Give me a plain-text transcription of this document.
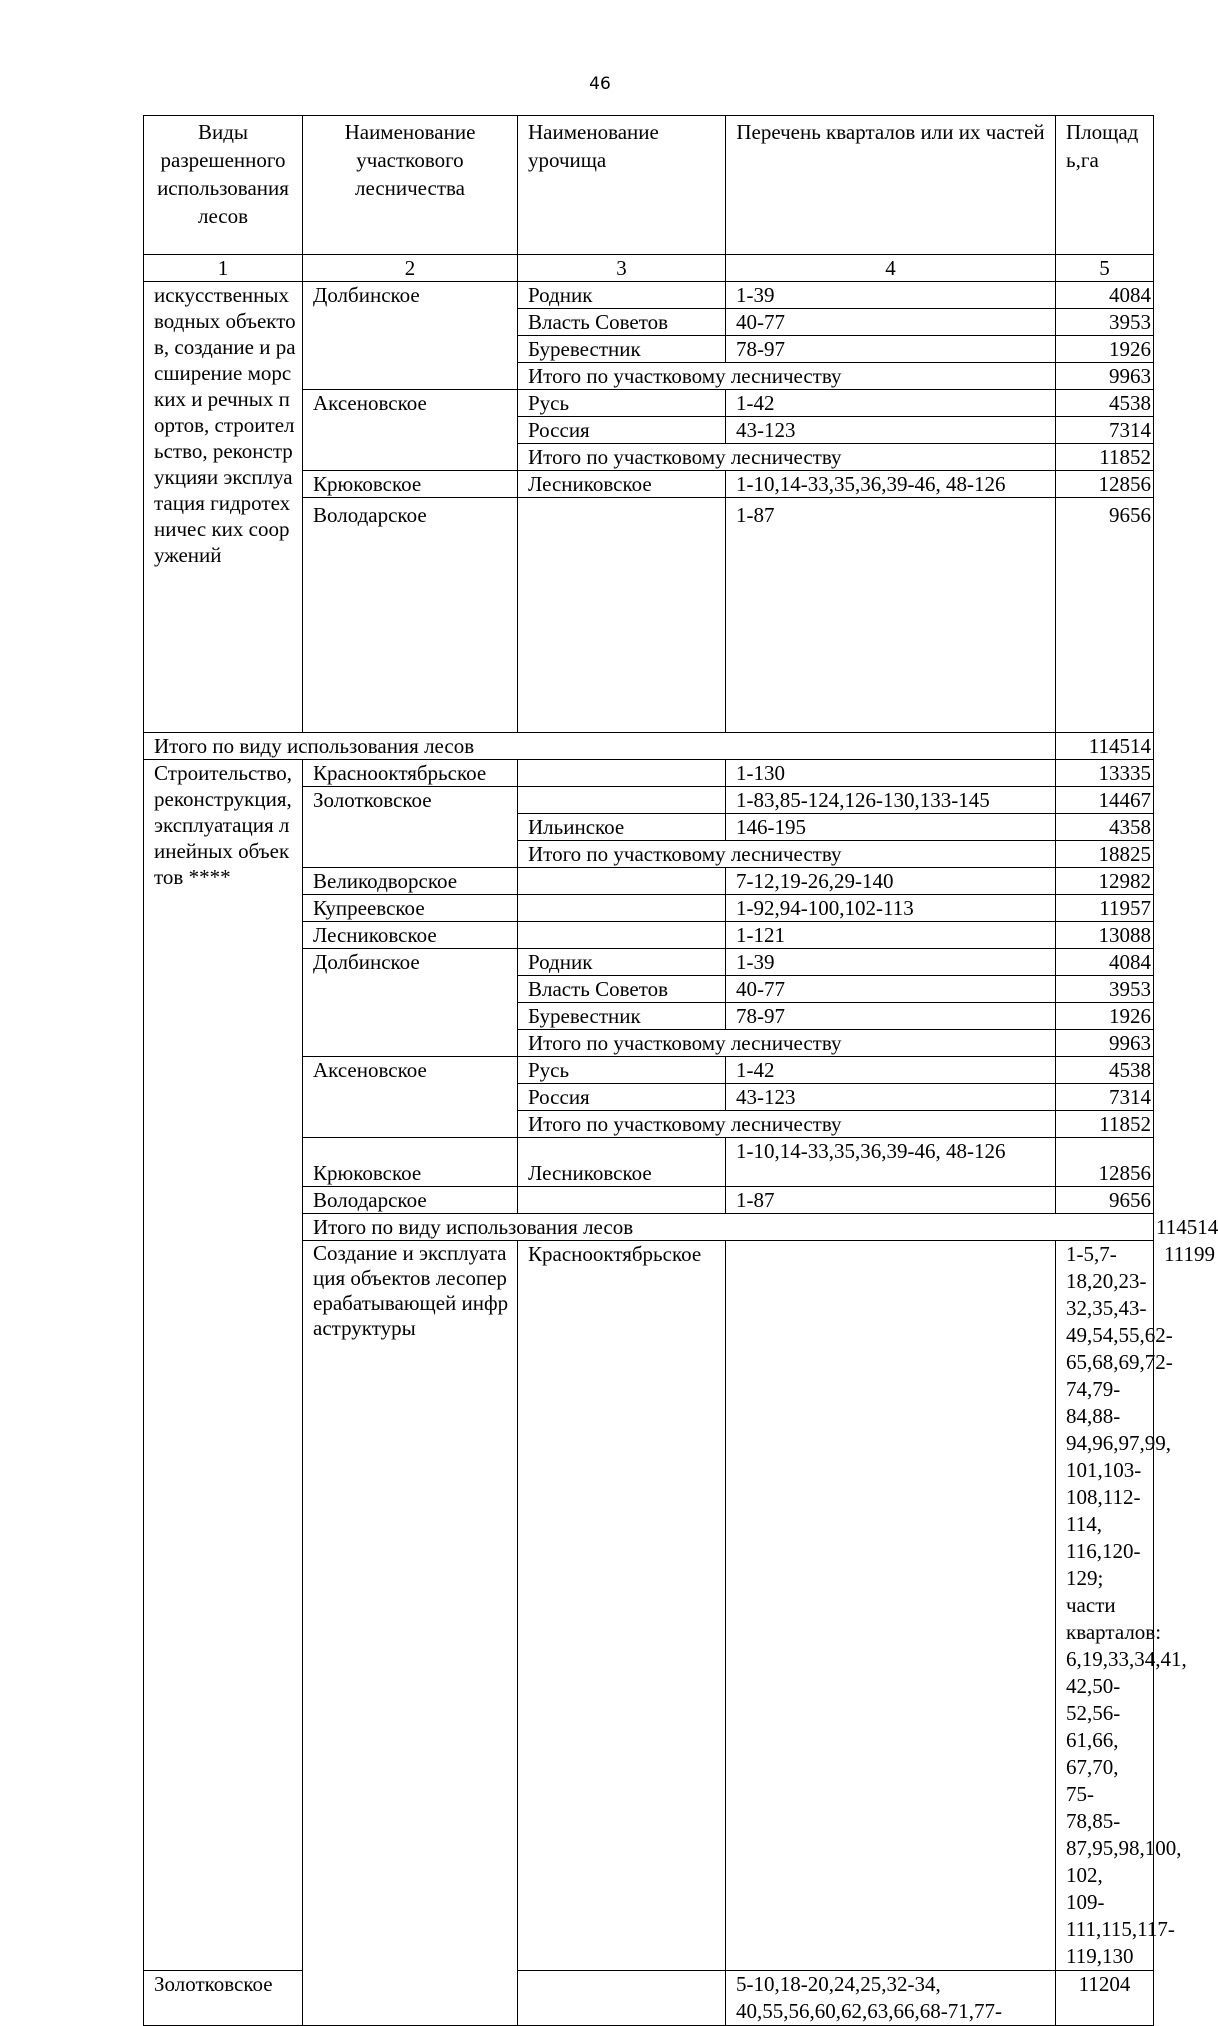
46
Виды разрешенного использования лесов	Наименование участкового лесничества	Наименование урочища	Перечень кварталов или их частей	Площадь,га	
1	2	3	4	5	
искусственных водных объектов, создание и расширение морских и речных портов, строительство, реконструкцияи эксплуатация гидротехничес ких сооружений	Долбинское	Родник	1-39	4084	
		Власть Советов	40-77	3953	
		Буревестник	78-97	1926	
		Итого по участковому лесничеству		9963	
	Аксеновское	Русь	1-42	4538	
		Россия	43-123	7314	
		Итого по участковому лесничеству		11852	
	Крюковское	Лесниковское	1-10,14-33,35,36,39-46, 48-126	12856	
	Володарское		1-87	9656	
Итого по виду использования лесов				114514	
Строительство, реконструкция, эксплуатация линейных объектов ****	Краснооктябрьское		1-130	13335	
	Золотковское		1-83,85-124,126-130,133-145	14467	
		Ильинское	146-195	4358	
		Итого по участковому лесничеству		18825	
	Великодворское		7-12,19-26,29-140	12982	
	Купреевское		1-92,94-100,102-113	11957	
	Лесниковское		1-121	13088	
	Долбинское	Родник	1-39	4084	
		Власть Советов	40-77	3953	
		Буревестник	78-97	1926	
		Итого по участковому лесничеству		9963	
	Аксеновское	Русь	1-42	4538	
		Россия	43-123	7314	
		Итого по участковому лесничеству		11852	
	Крюковское	Лесниковское	1-10,14-33,35,36,39-46, 48-126	12856	
	Володарское		1-87	9656	
	Итого по виду использования лесов				114514
	Создание и эксплуатация объектов лесоперерабатывающей инфраструктуры	Краснооктябрьское		1-5,7-18,20,23-32,35,43-49,54,55,62-65,68,69,72-74,79-84,88-94,96,97,99, 101,103-108,112-114, 116,120-129; части кварталов: 6,19,33,34,41, 42,50-52,56-61,66, 67,70, 75-78,85-87,95,98,100, 102, 109-111,115,117-119,130	11199
Золотковское			5-10,18-20,24,25,32-34, 40,55,56,60,62,63,66,68-71,77-	11204	
